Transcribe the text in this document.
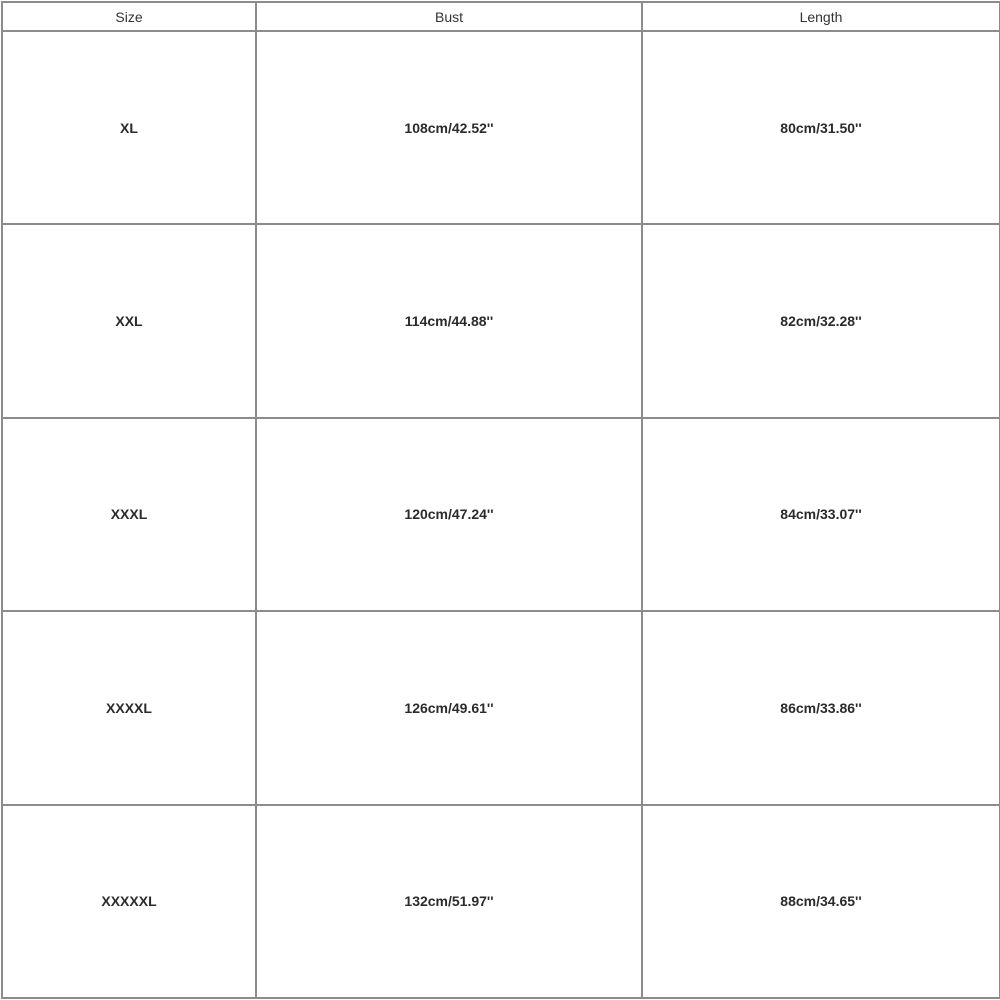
Size	Bust	Length
XL	108cm/42.52''	80cm/31.50''
XXL	114cm/44.88''	82cm/32.28''
XXXL	120cm/47.24''	84cm/33.07''
XXXXL	126cm/49.61''	86cm/33.86''
XXXXXL	132cm/51.97''	88cm/34.65''
